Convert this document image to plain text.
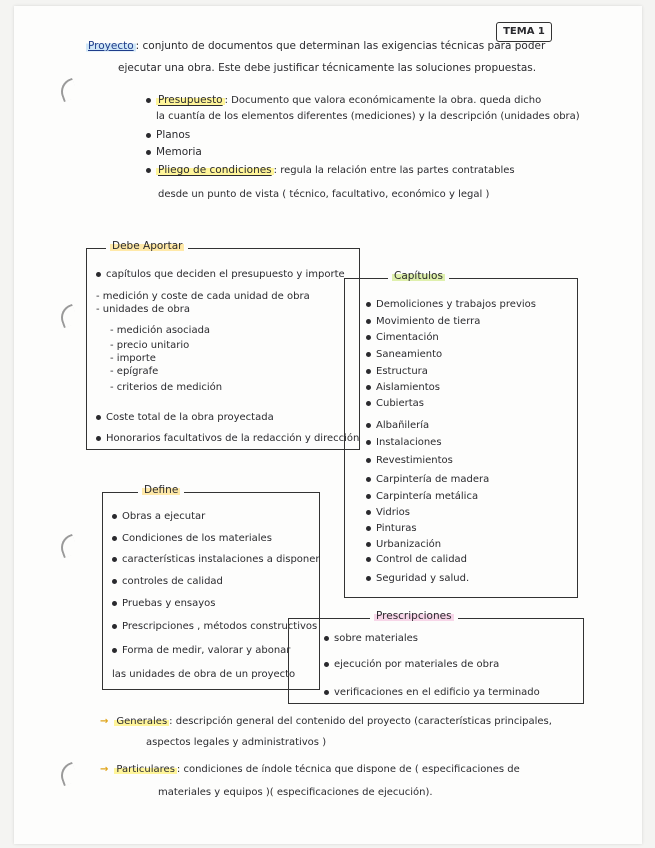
TEMA 1
Proyecto : conjunto de documentos que determinan las exigencias técnicas para poder
ejecutar una obra. Este debe justificar técnicamente las soluciones propuestas.
Presupuesto : Documento que valora económicamente la obra. queda dicho
la cuantía de los elementos diferentes (mediciones) y la descripción (unidades obra)
Planos
Memoria
Pliego de condiciones : regula la relación entre las partes contratables
desde un punto de vista ( técnico, facultativo, económico y legal )
Debe Aportar
capítulos que deciden el presupuesto y importe
- medición y coste de cada unidad de obra
- unidades de obra
- medición asociada
- precio unitario
- importe
- epígrafe
- criterios de medición
Coste total de la obra proyectada
Honorarios facultativos de la redacción y dirección
Capítulos
Demoliciones y trabajos previos
Movimiento de tierra
Cimentación
Saneamiento
Estructura
Aislamientos
Cubiertas
Albañilería
Instalaciones
Revestimientos
Carpintería de madera
Carpintería metálica
Vidrios
Pinturas
Urbanización
Control de calidad
Seguridad y salud.
Define
Obras a ejecutar
Condiciones de los materiales
características instalaciones a disponer
controles de calidad
Pruebas y ensayos
Prescripciones , métodos constructivos
Forma de medir, valorar y abonar
las unidades de obra de un proyecto
Prescripciones
sobre materiales
ejecución por materiales de obra
verificaciones en el edificio ya terminado
→ Generales : descripción general del contenido del proyecto (características principales,
aspectos legales y administrativos )
→ Particulares : condiciones de índole técnica que dispone de ( especificaciones de
materiales y equipos )( especificaciones de ejecución).
